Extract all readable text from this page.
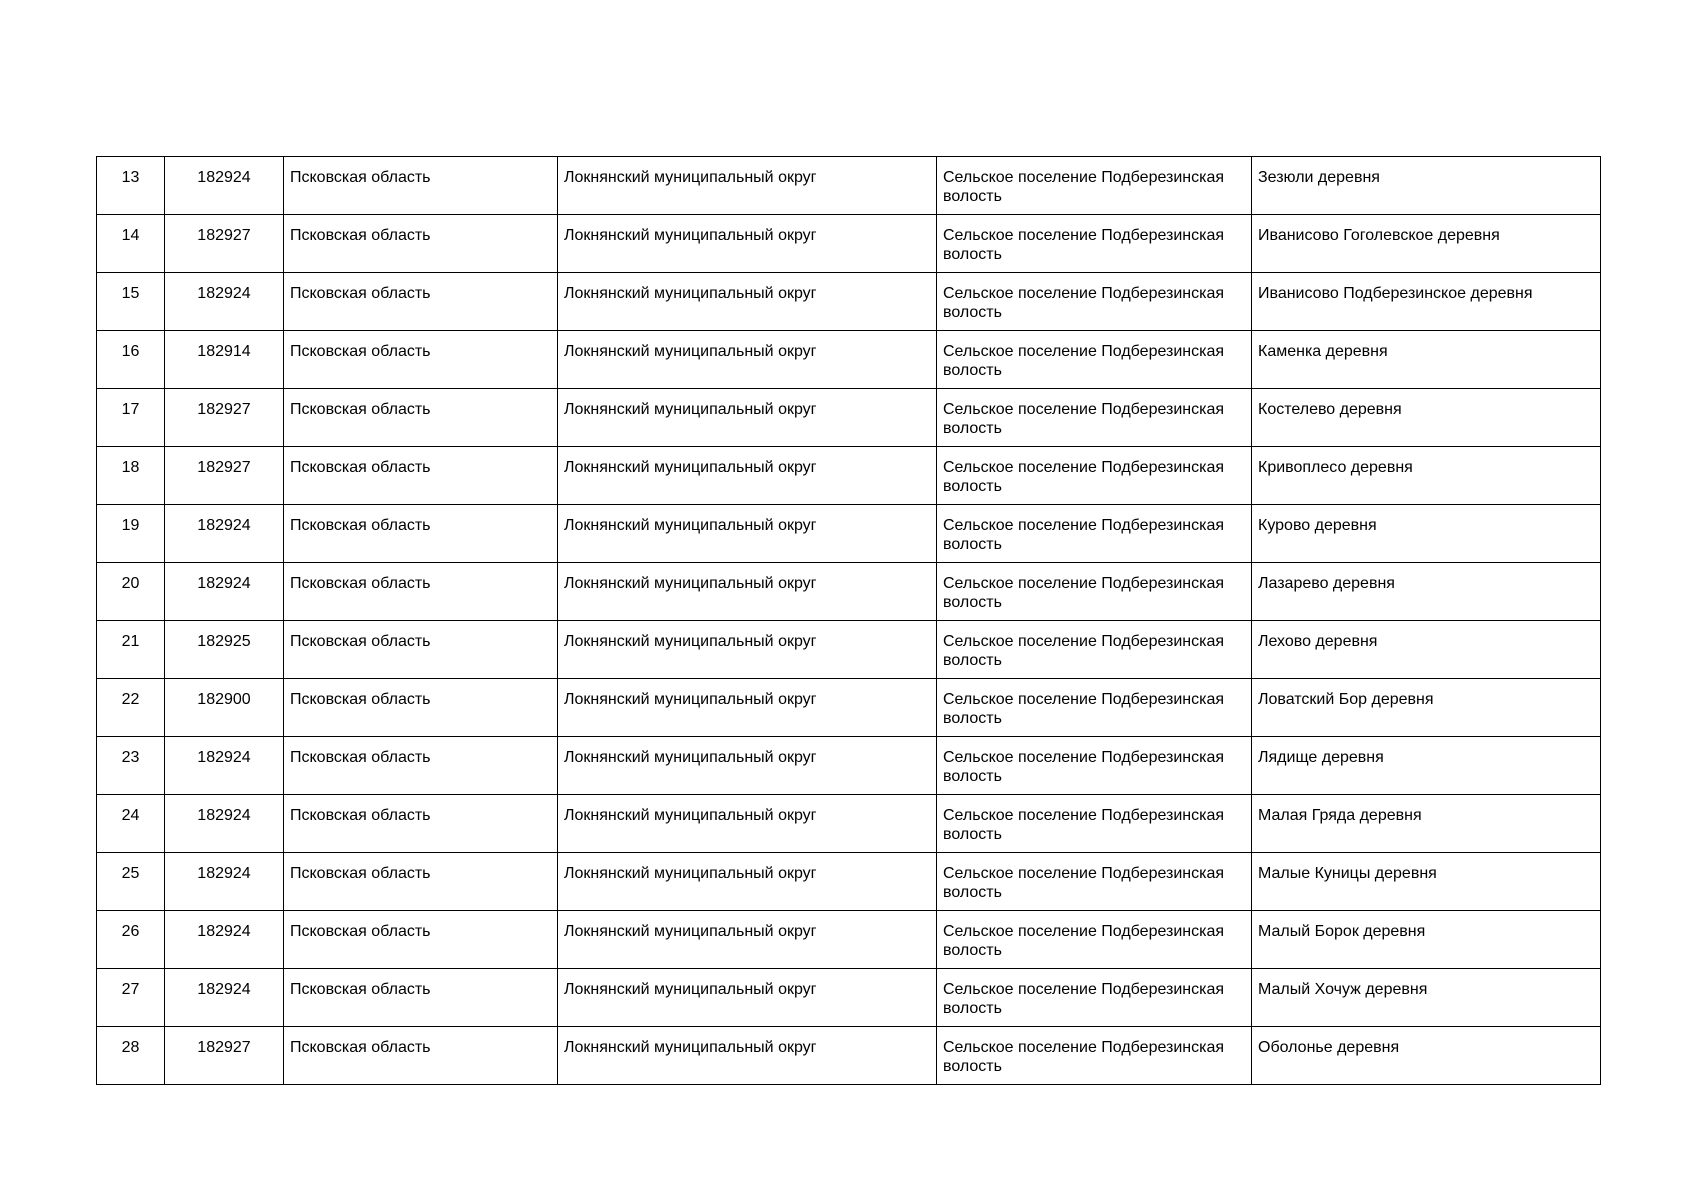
13	182924	Псковская область	Локнянский муниципальный округ	Сельское поселение Подберезинская волость	Зезюли деревня
14	182927	Псковская область	Локнянский муниципальный округ	Сельское поселение Подберезинская волость	Иванисово Гоголевское деревня
15	182924	Псковская область	Локнянский муниципальный округ	Сельское поселение Подберезинская волость	Иванисово Подберезинское деревня
16	182914	Псковская область	Локнянский муниципальный округ	Сельское поселение Подберезинская волость	Каменка деревня
17	182927	Псковская область	Локнянский муниципальный округ	Сельское поселение Подберезинская волость	Костелево деревня
18	182927	Псковская область	Локнянский муниципальный округ	Сельское поселение Подберезинская волость	Кривоплесо деревня
19	182924	Псковская область	Локнянский муниципальный округ	Сельское поселение Подберезинская волость	Курово деревня
20	182924	Псковская область	Локнянский муниципальный округ	Сельское поселение Подберезинская волость	Лазарево деревня
21	182925	Псковская область	Локнянский муниципальный округ	Сельское поселение Подберезинская волость	Лехово деревня
22	182900	Псковская область	Локнянский муниципальный округ	Сельское поселение Подберезинская волость	Ловатский Бор деревня
23	182924	Псковская область	Локнянский муниципальный округ	Сельское поселение Подберезинская волость	Лядище деревня
24	182924	Псковская область	Локнянский муниципальный округ	Сельское поселение Подберезинская волость	Малая Гряда деревня
25	182924	Псковская область	Локнянский муниципальный округ	Сельское поселение Подберезинская волость	Малые Куницы деревня
26	182924	Псковская область	Локнянский муниципальный округ	Сельское поселение Подберезинская волость	Малый Борок деревня
27	182924	Псковская область	Локнянский муниципальный округ	Сельское поселение Подберезинская волость	Малый Хочуж деревня
28	182927	Псковская область	Локнянский муниципальный округ	Сельское поселение Подберезинская волость	Оболонье деревня
